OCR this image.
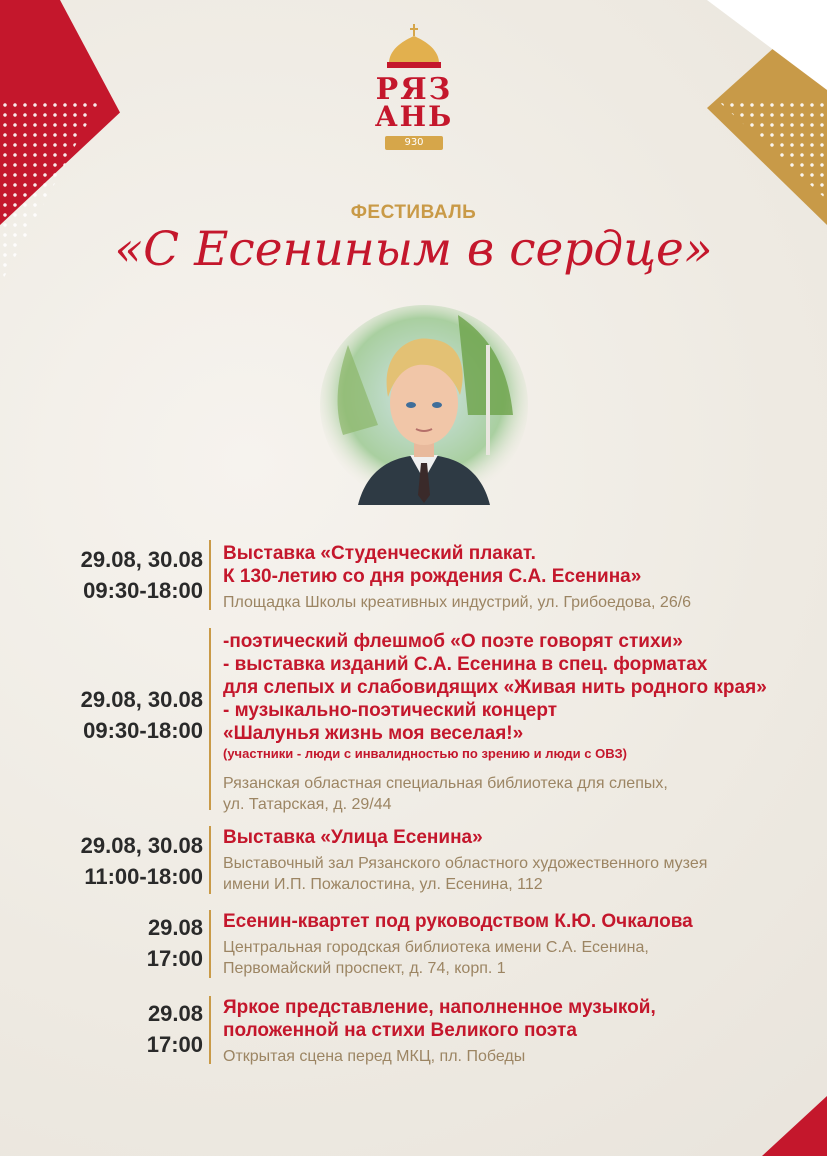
РЯЗ
АНЬ
930
ФЕСТИВАЛЬ
«С Есениным в сердце»
29.08, 30.08
09:30-18:00

Выставка «Студенческий плакат.

К 130-летию со дня рождения С.А. Есенина»

Площадка Школы креативных индустрий, ул. Грибоедова, 26/6

29.08, 30.08
09:30-18:00

-поэтический флешмоб «О поэте говорят стихи»

- выставка изданий С.А. Есенина в спец. форматах

для слепых и слабовидящих «Живая нить родного края»

- музыкально-поэтический концерт

«Шалунья жизнь моя веселая!»

(участники - люди с инвалидностью по зрению и люди с ОВЗ)

Рязанская областная специальная библиотека для слепых,

ул. Татарская, д. 29/44

29.08, 30.08
11:00-18:00

Выставка «Улица Есенина»

Выставочный зал Рязанского областного художественного музея

имени И.П. Пожалостина, ул. Есенина, 112

29.08
17:00

Есенин-квартет под руководством К.Ю. Очкалова

Центральная городская библиотека имени С.А. Есенина,

Первомайский проспект, д. 74, корп. 1

29.08
17:00

Яркое представление, наполненное музыкой,

положенной на стихи Великого поэта

Открытая сцена перед МКЦ, пл. Победы
